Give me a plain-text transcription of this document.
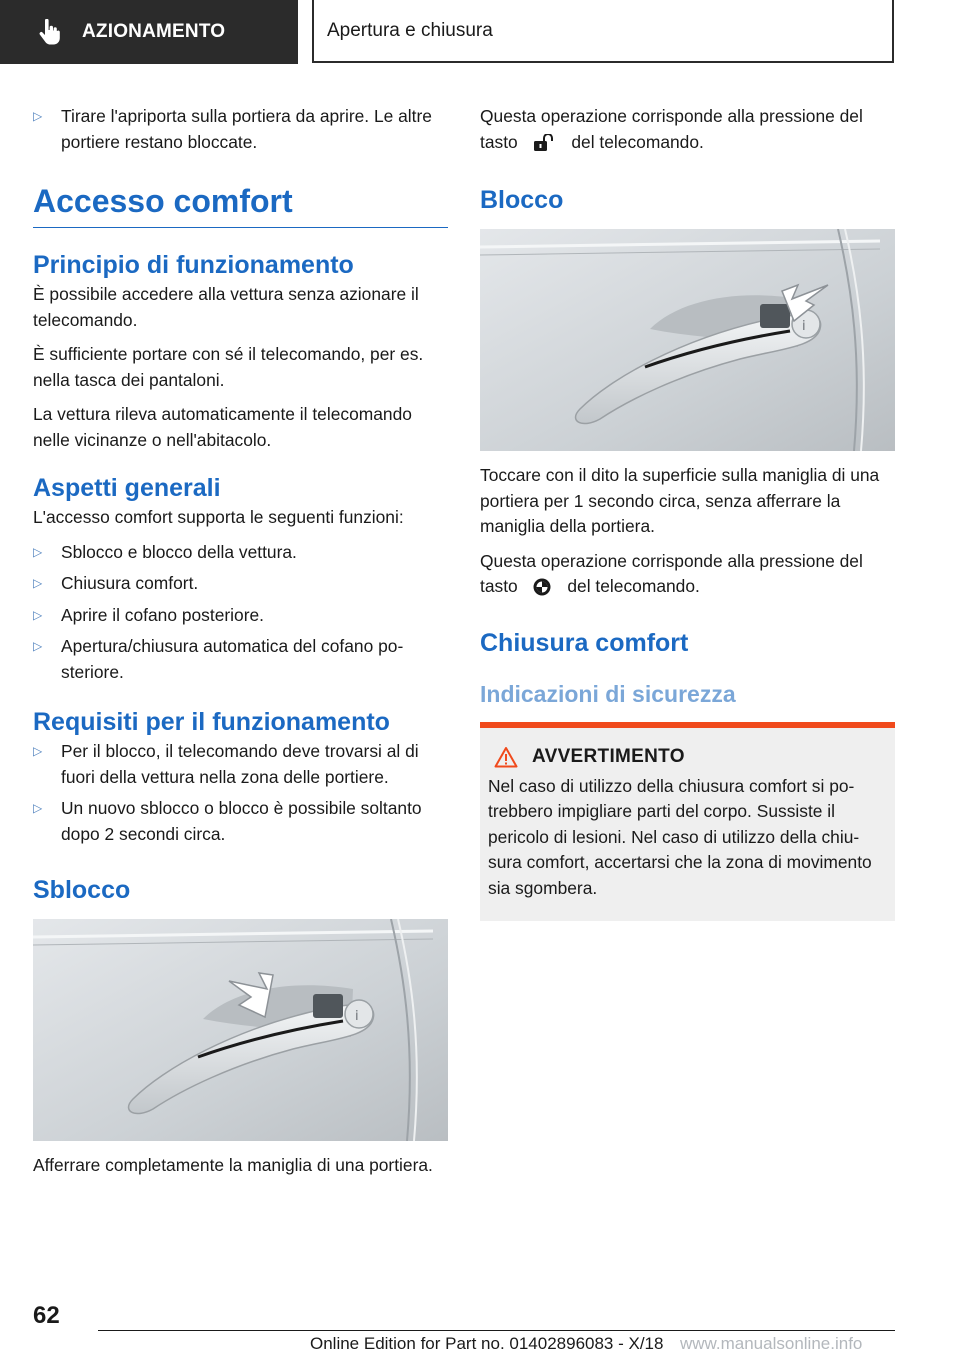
AZIONAMENTO	Apertura e chiusura
▷ Tirare l'apriporta sulla portiera da aprire. Le altre portiere restano bloccate.
Accesso comfort
Principio di funzionamento

È possibile accedere alla vettura senza azionare il telecomando.

È sufficiente portare con sé il telecomando, per es. nella tasca dei pantaloni.

La vettura rileva automaticamente il telecomando nelle vicinanze o nell'abitacolo.

Aspetti generali

L'accesso comfort supporta le seguenti funzioni:

▷ Sblocco e blocco della vettura.
▷ Chiusura comfort.
▷ Aprire il cofano posteriore.
▷ Apertura/chiusura automatica del cofano posteriore.
Requisiti per il funzionamento
▷ Per il blocco, il telecomando deve trovarsi al di fuori della vettura nella zona delle portiere.
▷ Un nuovo sblocco o blocco è possibile soltanto dopo 2 secondi circa.
Sblocco
i

Afferrare completamente la maniglia di una portiera.

Questa operazione corrisponde alla pressione del tasto	del telecomando.

Blocco
i

Toccare con il dito la superficie sulla maniglia di una portiera per 1 secondo circa, senza afferrare la maniglia della portiera.

Questa operazione corrisponde alla pressione del tasto	del telecomando.

Chiusura comfort
Indicazioni di sicurezza
AVVERTIMENTO

Nel caso di utilizzo della chiusura comfort si potrebbero impigliare parti del corpo. Sussiste il pericolo di lesioni. Nel caso di utilizzo della chiusura comfort, accertarsi che la zona di movimento sia sgombera.

62
Online Edition for Part no. 01402896083 - X/18 www.manualsonline.info
